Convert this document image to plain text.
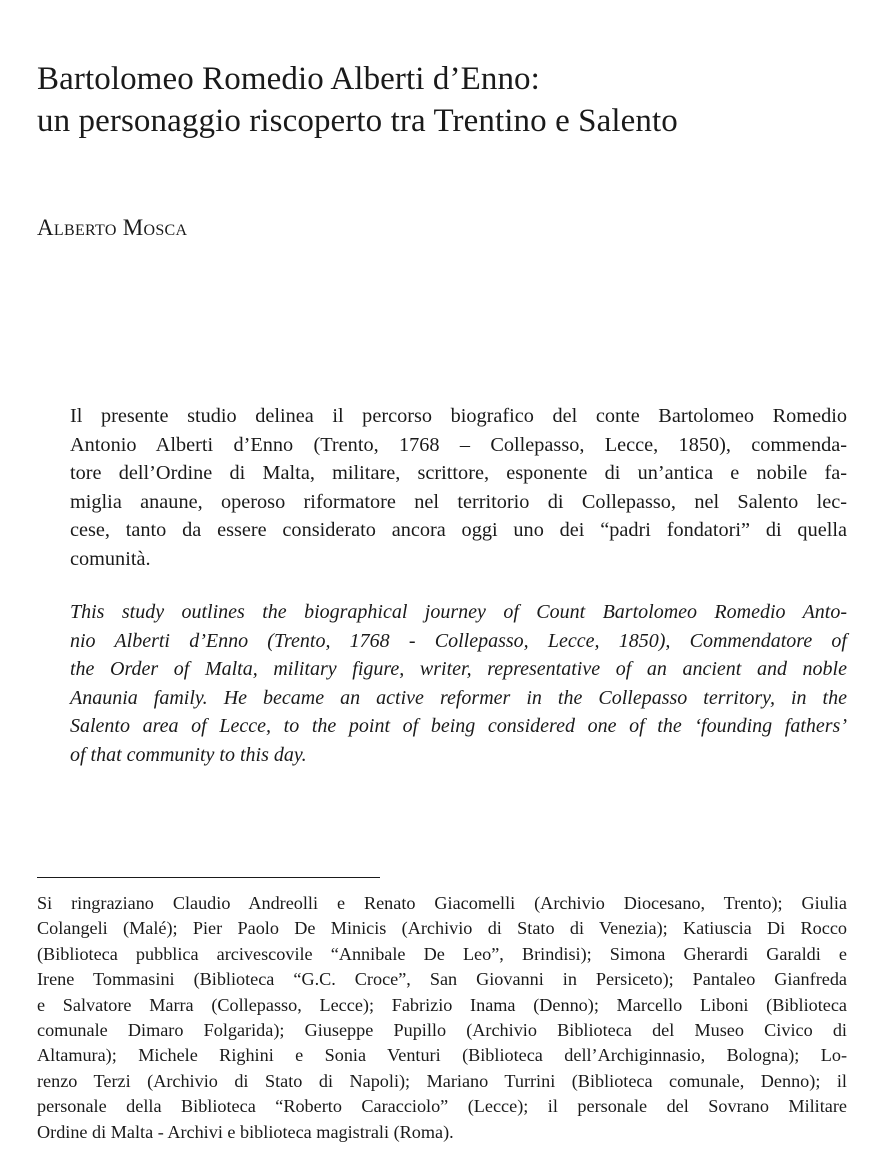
Bartolomeo Romedio Alberti d’Enno:
un personaggio riscoperto tra Trentino e Salento

Alberto Mosca

Il presente studio delinea il percorso biografico del conte Bartolomeo Romedio
Antonio Alberti d’Enno (Trento, 1768 – Collepasso, Lecce, 1850), commenda-
tore dell’Ordine di Malta, militare, scrittore, esponente di un’antica e nobile fa-
miglia anaune, operoso riformatore nel territorio di Collepasso, nel Salento lec-
cese, tanto da essere considerato ancora oggi uno dei “padri fondatori” di quella
comunità.
This study outlines the biographical journey of Count Bartolomeo Romedio Anto-
nio Alberti d’Enno (Trento, 1768 - Collepasso, Lecce, 1850), Commendatore of
the Order of Malta, military figure, writer, representative of an ancient and noble
Anaunia family. He became an active reformer in the Collepasso territory, in the
Salento area of Lecce, to the point of being considered one of the ‘founding fathers’
of that community to this day.
Si ringraziano Claudio Andreolli e Renato Giacomelli (Archivio Diocesano, Trento); Giulia
Colangeli (Malé); Pier Paolo De Minicis (Archivio di Stato di Venezia); Katiuscia Di Rocco
(Biblioteca pubblica arcivescovile “Annibale De Leo”, Brindisi); Simona Gherardi Garaldi e
Irene Tommasini (Biblioteca “G.C. Croce”, San Giovanni in Persiceto); Pantaleo Gianfreda
e Salvatore Marra (Collepasso, Lecce); Fabrizio Inama (Denno); Marcello Liboni (Biblioteca
comunale Dimaro Folgarida); Giuseppe Pupillo (Archivio Biblioteca del Museo Civico di
Altamura); Michele Righini e Sonia Venturi (Biblioteca dell’Archiginnasio, Bologna); Lo-
renzo Terzi (Archivio di Stato di Napoli); Mariano Turrini (Biblioteca comunale, Denno); il
personale della Biblioteca “Roberto Caracciolo” (Lecce); il personale del Sovrano Militare
Ordine di Malta - Archivi e biblioteca magistrali (Roma).
